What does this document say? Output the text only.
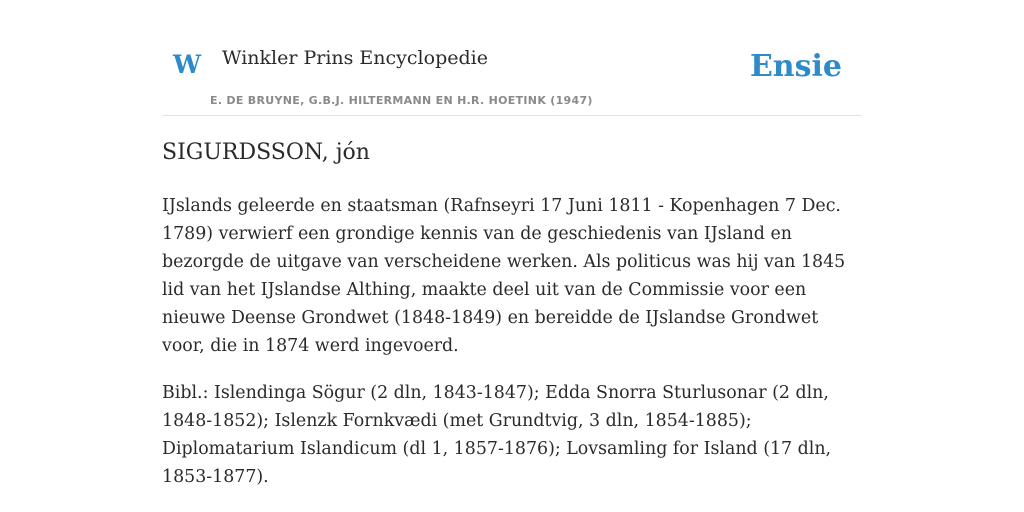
W Winkler Prins Encyclopedie
E. DE BRUYNE, G.B.J. HILTERMANN EN H.R. HOETINK (1947)
Ensie
SIGURDSSON, jón

IJslands geleerde en staatsman (Rafnseyri 17 Juni 1811 - Kopenhagen 7 Dec. 1789) verwierf een grondige kennis van de geschiedenis van IJsland en bezorgde de uitgave van verscheidene werken. Als politicus was hij van 1845 lid van het IJslandse Althing, maakte deel uit van de Commissie voor een nieuwe Deense Grondwet (1848-1849) en bereidde de IJslandse Grondwet voor, die in 1874 werd ingevoerd.

Bibl.: Islendinga Sögur (2 dln, 1843-1847); Edda Snorra Sturlusonar (2 dln, 1848-1852); Islenzk Fornkvædi (met Grundtvig, 3 dln, 1854-1885); Diplomatarium Islandicum (dl 1, 1857-1876); Lovsamling for Island (17 dln, 1853-1877).
